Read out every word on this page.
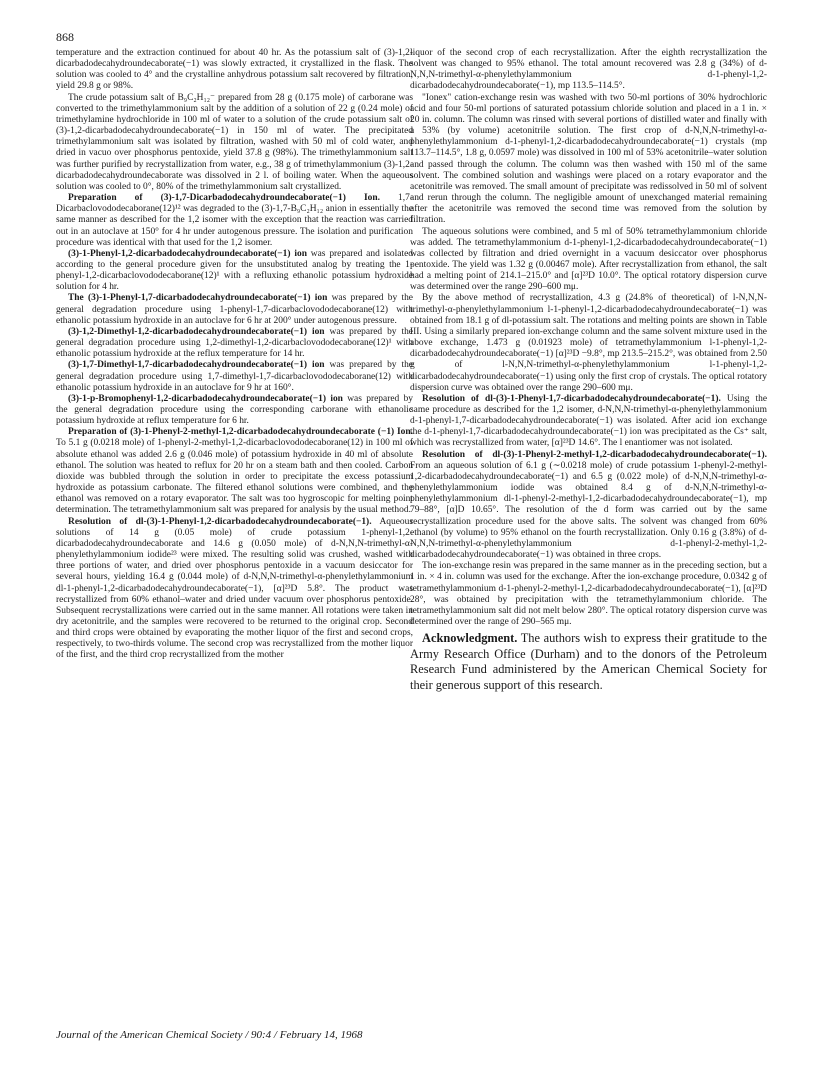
868

temperature and the extraction continued for about 40 hr. As the potassium salt of (3)-1,2-dicarbadodecahydroundecaborate(−1) was slowly extracted, it crystallized in the flask. The solution was cooled to 4° and the crystalline anhydrous potassium salt recovered by filtration, yield 29.8 g or 98%.

The crude potassium salt of B₉C₂H₁₂⁻ prepared from 28 g (0.175 mole) of carborane was converted to the trimethylammonium salt by the addition of a solution of 22 g (0.24 mole) of trimethylamine hydrochloride in 100 ml of water to a solution of the crude potassium salt of (3)-1,2-dicarbadodecahydroundecaborate(−1) in 150 ml of water. The precipitated trimethylammonium salt was isolated by filtration, washed with 50 ml of cold water, and dried in vacuo over phosphorus pentoxide, yield 37.8 g (98%). The trimethylammonium salt was further purified by recrystallization from water, e.g., 38 g of trimethylammonium (3)-1,2-dicarbadodecahydroundecaborate was dissolved in 2 l. of boiling water. When the aqueous solution was cooled to 0°, 80% of the trimethylammonium salt crystallized.

Preparation of (3)-1,7-Dicarbadodecahydroundecaborate(−1) Ion. 1,7-Dicarbaclovododecaborane(12)¹² was degraded to the (3)-1,7-B₉C₂H₁₂ anion in essentially the same manner as described for the 1,2 isomer with the exception that the reaction was carried out in an autoclave at 150° for 4 hr under autogenous pressure. The isolation and purification procedure was identical with that used for the 1,2 isomer.

(3)-1-Phenyl-1,2-dicarbadodecahydroundecaborate(−1) ion was prepared and isolated according to the general procedure given for the unsubstituted analog by treating the 1-phenyl-1,2-dicarbaclovododecaborane(12)¹ with a refluxing ethanolic potassium hydroxide solution for 4 hr.

The (3)-1-Phenyl-1,7-dicarbadodecahydroundecaborate(−1) ion was prepared by the general degradation procedure using 1-phenyl-1,7-dicarbaclovododecaborane(12) with ethanolic potassium hydroxide in an autoclave for 6 hr at 200° under autogenous pressure.

(3)-1,2-Dimethyl-1,2-dicarbadodecahydroundecaborate(−1) ion was prepared by the general degradation procedure using 1,2-dimethyl-1,2-dicarbaclovododecaborane(12)¹ with ethanolic potassium hydroxide at the reflux temperature for 14 hr.

(3)-1,7-Dimethyl-1,7-dicarbadodecahydroundecaborate(−1) ion was prepared by the general degradation procedure using 1,7-dimethyl-1,7-dicarbaclovododecaborane(12) with ethanolic potassium hydroxide in an autoclave for 9 hr at 160°.

(3)-1-p-Bromophenyl-1,2-dicarbadodecahydroundecaborate(−1) ion was prepared by the general degradation procedure using the corresponding carborane with ethanolic potassium hydroxide at reflux temperature for 6 hr.

Preparation of (3)-1-Phenyl-2-methyl-1,2-dicarbadodecahydroundecaborate (−1) Ion. To 5.1 g (0.0218 mole) of 1-phenyl-2-methyl-1,2-dicarbaclovododecaborane(12) in 100 ml of absolute ethanol was added 2.6 g (0.046 mole) of potassium hydroxide in 40 ml of absolute ethanol. The solution was heated to reflux for 20 hr on a steam bath and then cooled. Carbon dioxide was bubbled through the solution in order to precipitate the excess potassium hydroxide as potassium carbonate. The filtered ethanol solutions were combined, and the ethanol was removed on a rotary evaporator. The salt was too hygroscopic for melting point determination. The tetramethylammonium salt was prepared for analysis by the usual method.

Resolution of dl-(3)-1-Phenyl-1,2-dicarbadodecahydroundecaborate(−1). Aqueous solutions of 14 g (0.05 mole) of crude potassium 1-phenyl-1,2-dicarbadodecahydroundecaborate and 14.6 g (0.050 mole) of d-N,N,N-trimethyl-α-phenylethylammonium iodide²³ were mixed. The resulting solid was crushed, washed with three portions of water, and dried over phosphorus pentoxide in a vacuum desiccator for several hours, yielding 16.4 g (0.044 mole) of d-N,N,N-trimethyl-α-phenylethylammonium dl-1-phenyl-1,2-dicarbadodecahydroundecaborate(−1), [α]²³D 5.8°. The product was recrystallized from 60% ethanol–water and dried under vacuum over phosphorus pentoxide. Subsequent recrystallizations were carried out in the same manner. All rotations were taken in dry acetonitrile, and the samples were recovered to be returned to the original crop. Second and third crops were obtained by evaporating the mother liquor of the first and second crops, respectively, to two-thirds volume. The second crop was recrystallized from the mother liquor of the first, and the third crop recrystallized from the mother

liquor of the second crop of each recrystallization. After the eighth recrystallization the solvent was changed to 95% ethanol. The total amount recovered was 2.8 g (34%) of d-N,N,N-trimethyl-α-phenylethylammonium d-1-phenyl-1,2-dicarbadodecahydroundecaborate(−1), mp 113.5–114.5°.

"Ionex" cation-exchange resin was washed with two 50-ml portions of 30% hydrochloric acid and four 50-ml portions of saturated potassium chloride solution and placed in a 1 in. × 20 in. column. The column was rinsed with several portions of distilled water and finally with a 53% (by volume) acetonitrile solution. The first crop of d-N,N,N-trimethyl-α-phenylethylammonium d-1-phenyl-1,2-dicarbadodecahydroundecaborate(−1) crystals (mp 113.7–114.5°, 1.8 g, 0.0597 mole) was dissolved in 100 ml of 53% acetonitrile–water solution and passed through the column. The column was then washed with 150 ml of the same solvent. The combined solution and washings were placed on a rotary evaporator and the acetonitrile was removed. The small amount of precipitate was redissolved in 50 ml of solvent and rerun through the column. The negligible amount of unexchanged material remaining after the acetonitrile was removed the second time was removed from the solution by filtration.

The aqueous solutions were combined, and 5 ml of 50% tetramethylammonium chloride was added. The tetramethylammonium d-1-phenyl-1,2-dicarbadodecahydroundecaborate(−1) was collected by filtration and dried overnight in a vacuum desiccator over phosphorus pentoxide. The yield was 1.32 g (0.00467 mole). After recrystallization from ethanol, the salt had a melting point of 214.1–215.0° and [α]²³D 10.0°. The optical rotatory dispersion curve was determined over the range 290–600 mμ.

By the above method of recrystallization, 4.3 g (24.8% of theoretical) of l-N,N,N-trimethyl-α-phenylethylammonium l-1-phenyl-1,2-dicarbadodecahydroundecaborate(−1) was obtained from 18.1 g of dl-potassium salt. The rotations and melting points are shown in Table III. Using a similarly prepared ion-exchange column and the same solvent mixture used in the above exchange, 1.473 g (0.01923 mole) of tetramethylammonium l-1-phenyl-1,2-dicarbadodecahydroundecaborate(−1) [α]²³D −9.8°, mp 213.5–215.2°, was obtained from 2.50 g of l-N,N,N-trimethyl-α-phenylethylammonium l-1-phenyl-1,2-dicarbadodecahydroundecaborate(−1) using only the first crop of crystals. The optical rotatory dispersion curve was obtained over the range 290–600 mμ.

Resolution of dl-(3)-1-Phenyl-1,7-dicarbadodecahydroundecaborate(−1). Using the same procedure as described for the 1,2 isomer, d-N,N,N-trimethyl-α-phenylethylammonium d-1-phenyl-1,7-dicarbadodecahydroundecaborate(−1) was isolated. After acid ion exchange the d-1-phenyl-1,7-dicarbadodecahydroundecaborate(−1) ion was precipitated as the Cs⁺ salt, which was recrystallized from water, [α]²³D 14.6°. The l enantiomer was not isolated.

Resolution of dl-(3)-1-Phenyl-2-methyl-1,2-dicarbadodecahydroundecaborate(−1). From an aqueous solution of 6.1 g (∼0.0218 mole) of crude potassium 1-phenyl-2-methyl-1,2-dicarbadodecahydroundecaborate(−1) and 6.5 g (0.022 mole) of d-N,N,N-trimethyl-α-phenylethylammonium iodide was obtained 8.4 g of d-N,N,N-trimethyl-α-phenylethylammonium dl-1-phenyl-2-methyl-1,2-dicarbadodecahydroundecaborate(−1), mp 79–88°, [α]D 10.65°. The resolution of the d form was carried out by the same recrystallization procedure used for the above salts. The solvent was changed from 60% ethanol (by volume) to 95% ethanol on the fourth recrystallization. Only 0.16 g (3.8%) of d-N,N,N-trimethyl-α-phenylethylammonium d-1-phenyl-2-methyl-1,2-dicarbadodecahydroundecaborate(−1) was obtained in three crops.

The ion-exchange resin was prepared in the same manner as in the preceding section, but a 1 in. × 4 in. column was used for the exchange. After the ion-exchange procedure, 0.0342 g of tetramethylammonium d-1-phenyl-2-methyl-1,2-dicarbadodecahydroundecaborate(−1), [α]²³D 28°, was obtained by precipitation with the tetramethylammonium chloride. The tetramethylammonium salt did not melt below 280°. The optical rotatory dispersion curve was determined over the range of 290–565 mμ.

Acknowledgment. The authors wish to express their gratitude to the Army Research Office (Durham) and to the donors of the Petroleum Research Fund administered by the American Chemical Society for their generous support of this research.

Journal of the American Chemical Society / 90:4 / February 14, 1968
